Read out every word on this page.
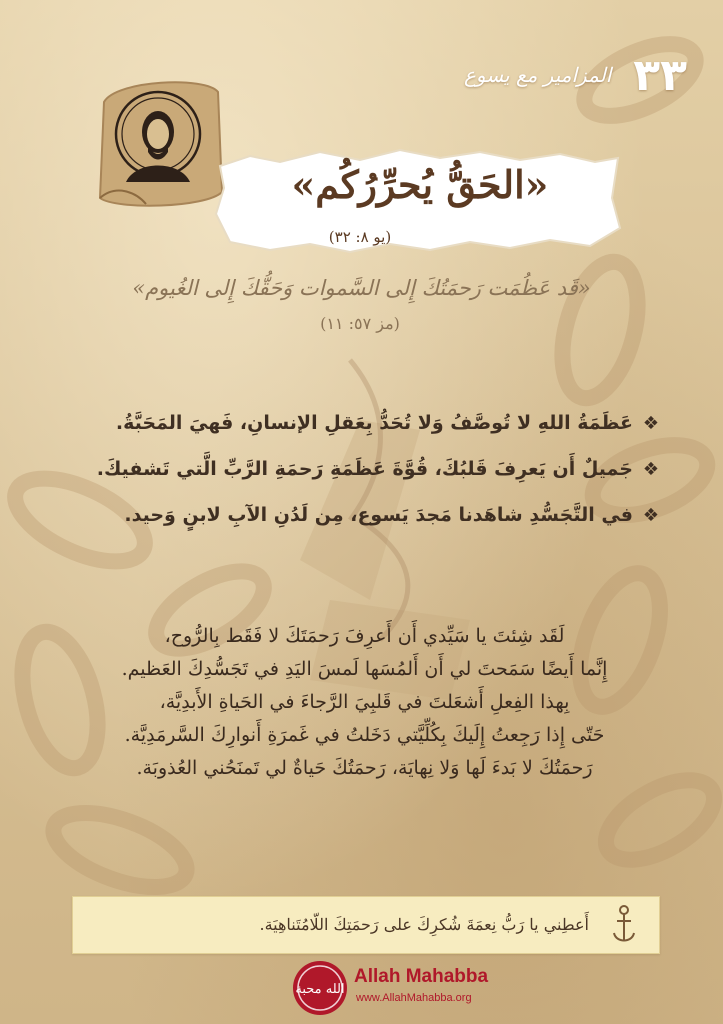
٣٣
المزامير مع يسوع
«الحَقُّ يُحرِّرُكُم»
(يو ٨: ٣٢)
«قَد عَظُمَت رَحمَتُكَ إِلى السَّموات وَحَقُّكَ إِلى الغُيوم»
(مز ٥٧: ١١)
❖
عَظَمَةُ اللهِ لا تُوصَّفُ وَلا تُحَدُّ بِعَقلِ الإنسانِ، فَهيَ المَحَبَّةُ.
❖
جَميلٌ أَن يَعرِفَ قَلبُكَ، قُوَّةَ عَظَمَةِ رَحمَةِ الرَّبِّ الَّتي تَشفيكَ.
❖
في التَّجَسُّدِ شاهَدنا مَجدَ يَسوع، مِن لَدُنِ الآبِ لابنٍ وَحيد.

لَقَد شِئتَ يا سَيِّدي أَن أَعرِفَ رَحمَتَكَ لا فَقَط بِالرُّوح،

إِنَّما أَيضًا سَمَحتَ لي أَن أَلمُسَها لَمسَ اليَدِ في تَجَسُّدِكَ العَظيم.

بِهذا الفِعلِ أَشعَلتَ في قَلبِيَ الرَّجاءَ في الحَياةِ الأَبدِيَّة،

حَتّى إِذا رَجِعتُ إِلَيكَ بِكُلِّيَّتي دَخَلتُ في غَمرَةِ أَنوارِكَ السَّرمَدِيَّة.

رَحمَتُكَ لا بَدءَ لَها وَلا نِهايَة، رَحمَتُكَ حَياةٌ لي تَمنَحُني العُذوبَة.

أَعطِني يا رَبُّ نِعمَةَ شُكرِكَ على رَحمَتِكَ اللّامُتَناهِيَة.
الله محبة
Allah Mahabba
www.AllahMahabba.org
